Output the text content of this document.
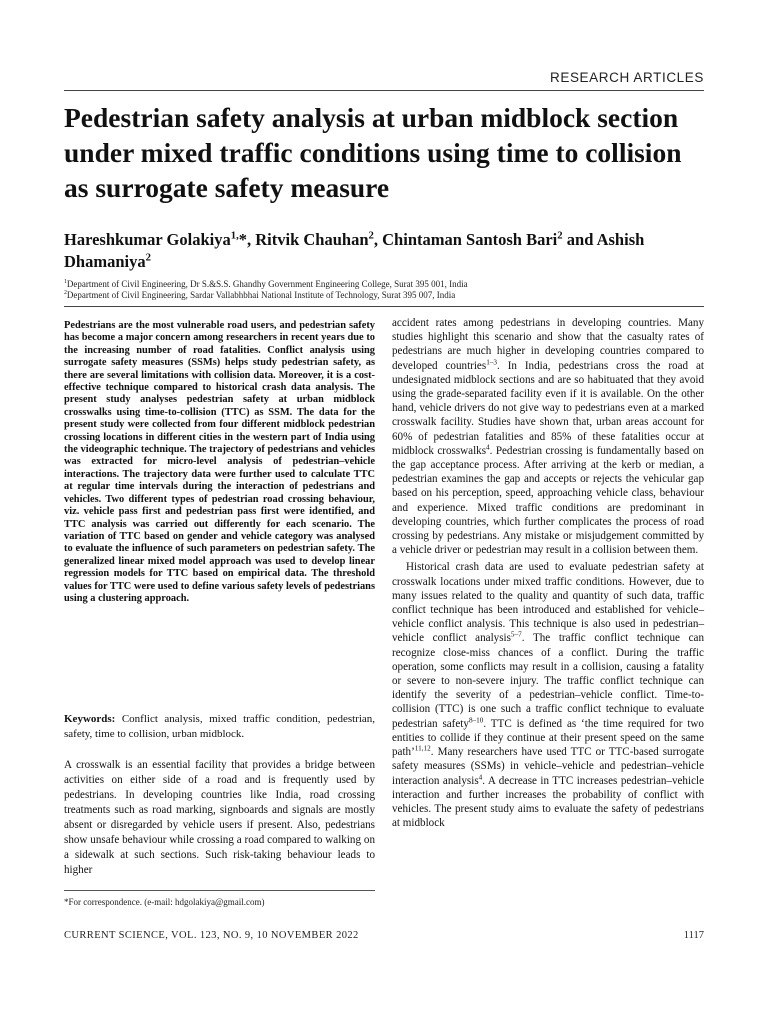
RESEARCH ARTICLES
Pedestrian safety analysis at urban midblock section under mixed traffic conditions using time to collision as surrogate safety measure

Hareshkumar Golakiya$^{1,}$*, Ritvik Chauhan$^2$, Chintaman Santosh Bari$^2$ and Ashish Dhamaniya$^2$

$^1$Department of Civil Engineering, Dr S.&S.S. Ghandhy Government Engineering College, Surat 395 001, India

$^2$Department of Civil Engineering, Sardar Vallabhbhai National Institute of Technology, Surat 395 007, India

Pedestrians are the most vulnerable road users, and pedestrian safety has become a major concern among researchers in recent years due to the increasing number of road fatalities. Conflict analysis using surrogate safety measures (SSMs) helps study pedestrian safety, as there are several limitations with collision data. Moreover, it is a cost-effective technique compared to historical crash data analysis. The present study analyses pedestrian safety at urban midblock crosswalks using time-to-collision (TTC) as SSM. The data for the present study were collected from four different midblock pedestrian crossing locations in different cities in the western part of India using the videographic technique. The trajectory of pedestrians and vehicles was extracted for micro-level analysis of pedestrian–vehicle interactions. The trajectory data were further used to calculate TTC at regular time intervals during the interaction of pedestrians and vehicles. Two different types of pedestrian road crossing behaviour, viz. vehicle pass first and pedestrian pass first were identified, and TTC analysis was carried out differently for each scenario. The variation of TTC based on gender and vehicle category was analysed to evaluate the influence of such parameters on pedestrian safety. The generalized linear mixed model approach was used to develop linear regression models for TTC based on empirical data. The threshold values for TTC were used to define various safety levels of pedestrians using a clustering approach.

Keywords: Conflict analysis, mixed traffic condition, pedestrian, safety, time to collision, urban midblock.

A crosswalk is an essential facility that provides a bridge between activities on either side of a road and is frequently used by pedestrians. In developing countries like India, road crossing treatments such as road marking, signboards and signals are mostly absent or disregarded by vehicle users if present. Also, pedestrians show unsafe behaviour while crossing a road compared to walking on a sidewalk at such sections. Such risk-taking behaviour leads to higher

*For correspondence. (e-mail: hdgolakiya@gmail.com)

accident rates among pedestrians in developing countries. Many studies highlight this scenario and show that the casualty rates of pedestrians are much higher in developing countries compared to developed countries$^{1-3}$. In India, pedestrians cross the road at undesignated midblock sections and are so habituated that they avoid using the grade-separated facility even if it is available. On the other hand, vehicle drivers do not give way to pedestrians even at a marked crosswalk facility. Studies have shown that, urban areas account for 60% of pedestrian fatalities and 85% of these fatalities occur at midblock crosswalks$^4$. Pedestrian crossing is fundamentally based on the gap acceptance process. After arriving at the kerb or median, a pedestrian examines the gap and accepts or rejects the vehicular gap based on his perception, speed, approaching vehicle class, behaviour and experience. Mixed traffic conditions are predominant in developing countries, which further complicates the process of road crossing by pedestrians. Any mistake or misjudgement committed by a vehicle driver or pedestrian may result in a collision between them.

Historical crash data are used to evaluate pedestrian safety at crosswalk locations under mixed traffic conditions. However, due to many issues related to the quality and quantity of such data, traffic conflict technique has been introduced and established for vehicle–vehicle conflict analysis. This technique is also used in pedestrian–vehicle conflict analysis$^{5-7}$. The traffic conflict technique can recognize close-miss chances of a conflict. During the traffic operation, some conflicts may result in a collision, causing a fatality or severe to non-severe injury. The traffic conflict technique can identify the severity of a pedestrian–vehicle conflict. Time-to-collision (TTC) is one such a traffic conflict technique to evaluate pedestrian safety$^{8-10}$. TTC is defined as ‘the time required for two entities to collide if they continue at their present speed on the same path’$^{11,12}$. Many researchers have used TTC or TTC-based surrogate safety measures (SSMs) in vehicle–vehicle and pedestrian–vehicle interaction analysis$^4$. A decrease in TTC increases pedestrian–vehicle interaction and further increases the probability of conflict with vehicles. The present study aims to evaluate the safety of pedestrians at midblock

CURRENT SCIENCE, VOL. 123, NO. 9, 10 NOVEMBER 2022	1117
